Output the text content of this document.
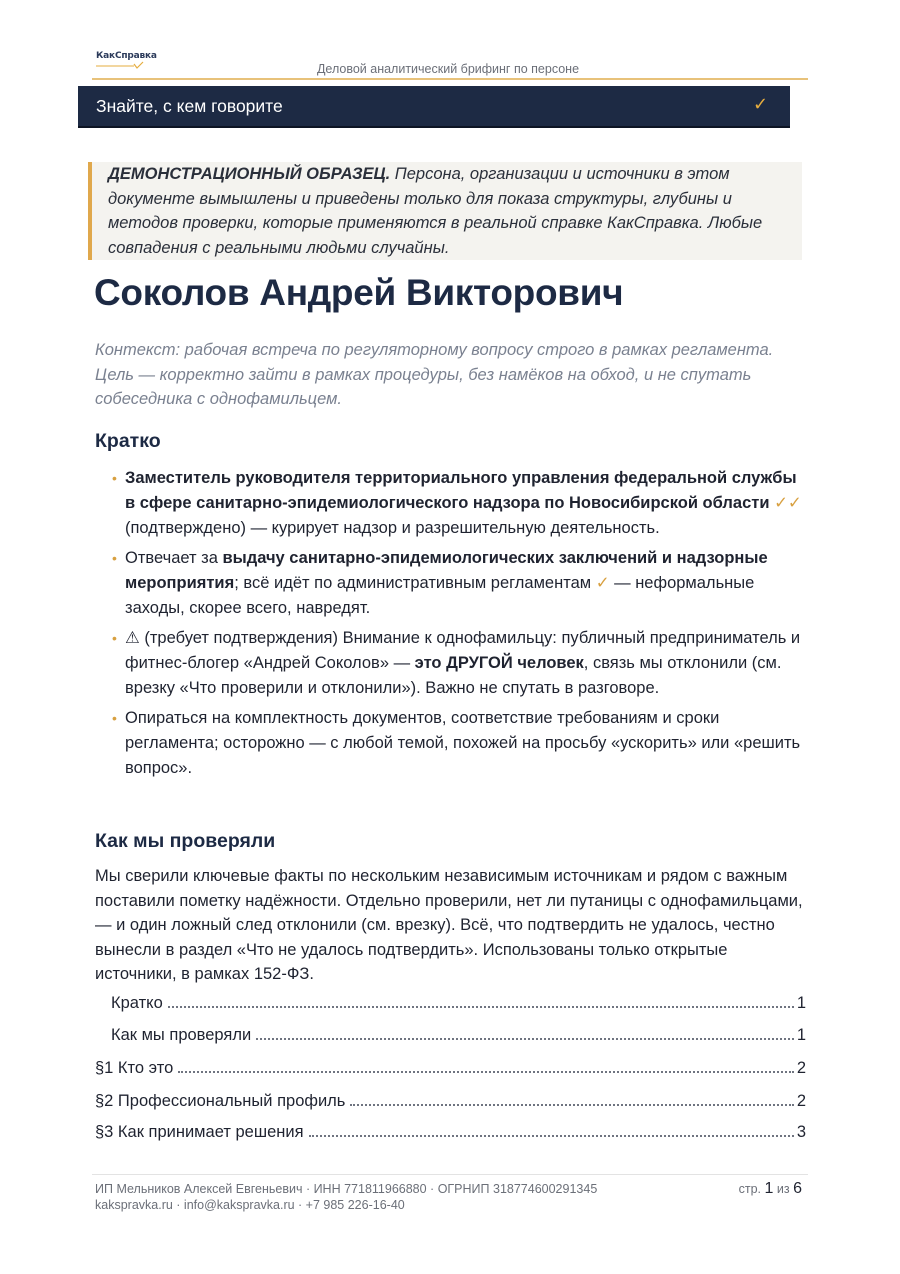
КакСправка
Деловой аналитический брифинг по персоне
Знайте, с кем говорите	✓

ДЕМОНСТРАЦИОННЫЙ ОБРАЗЕЦ. Персона, организации и источники в этом документе вымышлены и приведены только для показа структуры, глубины и методов проверки, которые применяются в реальной справке КакСправка. Любые совпадения с реальными людьми случайны.

Соколов Андрей Викторович

Контекст: рабочая встреча по регуляторному вопросу строго в рамках регламента. Цель — корректно зайти в рамках процедуры, без намёков на обход, и не спутать собеседника с однофамильцем.

Кратко
• Заместитель руководителя территориального управления федеральной службы в сфере санитарно-эпидемиологического надзора по Новосибирской области ✓✓ (подтверждено) — курирует надзор и разрешительную деятельность.
• Отвечает за выдачу санитарно-эпидемиологических заключений и надзорные мероприятия; всё идёт по административным регламентам ✓ — неформальные заходы, скорее всего, навредят.
• ⚠ (требует подтверждения) Внимание к однофамильцу: публичный предприниматель и фитнес-блогер «Андрей Соколов» — это ДРУГОЙ человек, связь мы отклонили (см. врезку «Что проверили и отклонили»). Важно не спутать в разговоре.
• Опираться на комплектность документов, соответствие требованиям и сроки регламента; осторожно — с любой темой, похожей на просьбу «ускорить» или «решить вопрос».
Как мы проверяли

Мы сверили ключевые факты по нескольким независимым источникам и рядом с важным поставили пометку надёжности. Отдельно проверили, нет ли путаницы с однофамильцами, — и один ложный след отклонили (см. врезку). Всё, что подтвердить не удалось, честно вынесли в раздел «Что не удалось подтвердить». Использованы только открытые источники, в рамках 152-ФЗ.

Кратко	1
Как мы проверяли	1
§1 Кто это	2
§2 Профессиональный профиль	2
§3 Как принимает решения	3
ИП Мельников Алексей Евгеньевич · ИНН 771811966880 · ОГРНИП 318774600291345
kakspravka.ru · info@kakspravka.ru · +7 985 226-16-40
стр. 1 из 6
